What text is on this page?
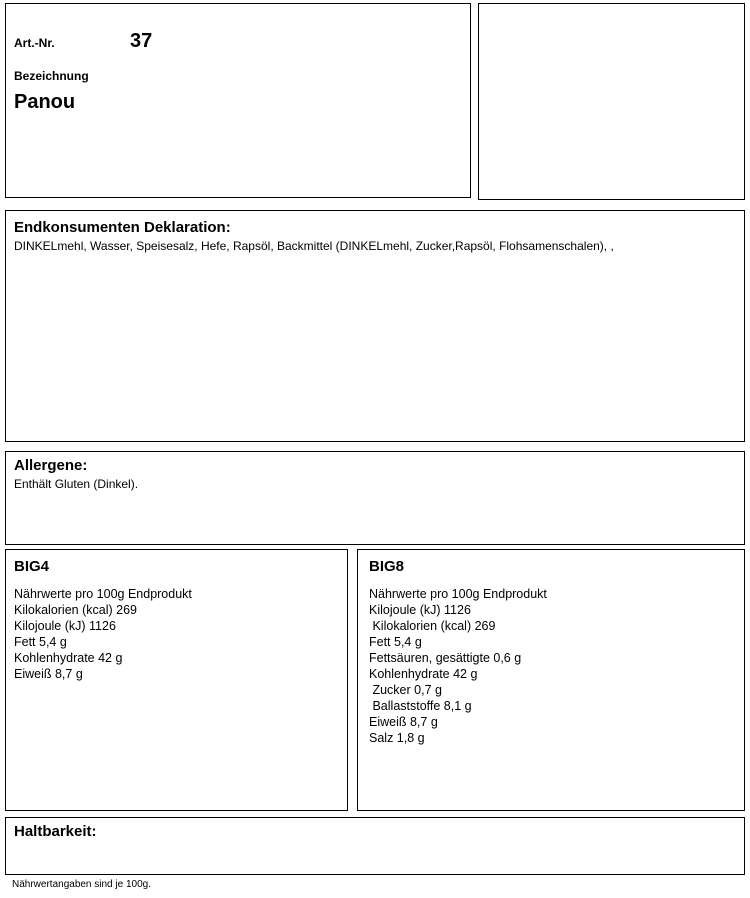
Art.-Nr.	37
Bezeichnung
Panou

Endkonsumenten Deklaration:

DINKELmehl, Wasser, Speisesalz, Hefe, Rapsöl, Backmittel (DINKELmehl, Zucker,Rapsöl, Flohsamenschalen), ,

Allergene:

Enthält Gluten (Dinkel).

BIG4

Nährwerte pro 100g Endprodukt
Kilokalorien (kcal) 269
Kilojoule (kJ) 1126
Fett 5,4 g
Kohlenhydrate 42 g
Eiweiß 8,7 g

BIG8

Nährwerte pro 100g Endprodukt
Kilojoule (kJ) 1126
Kilokalorien (kcal) 269
Fett 5,4 g
Fettsäuren, gesättigte 0,6 g
Kohlenhydrate 42 g
Zucker 0,7 g
Ballaststoffe 8,1 g
Eiweiß 8,7 g
Salz 1,8 g

Haltbarkeit:

Nährwertangaben sind je 100g.
